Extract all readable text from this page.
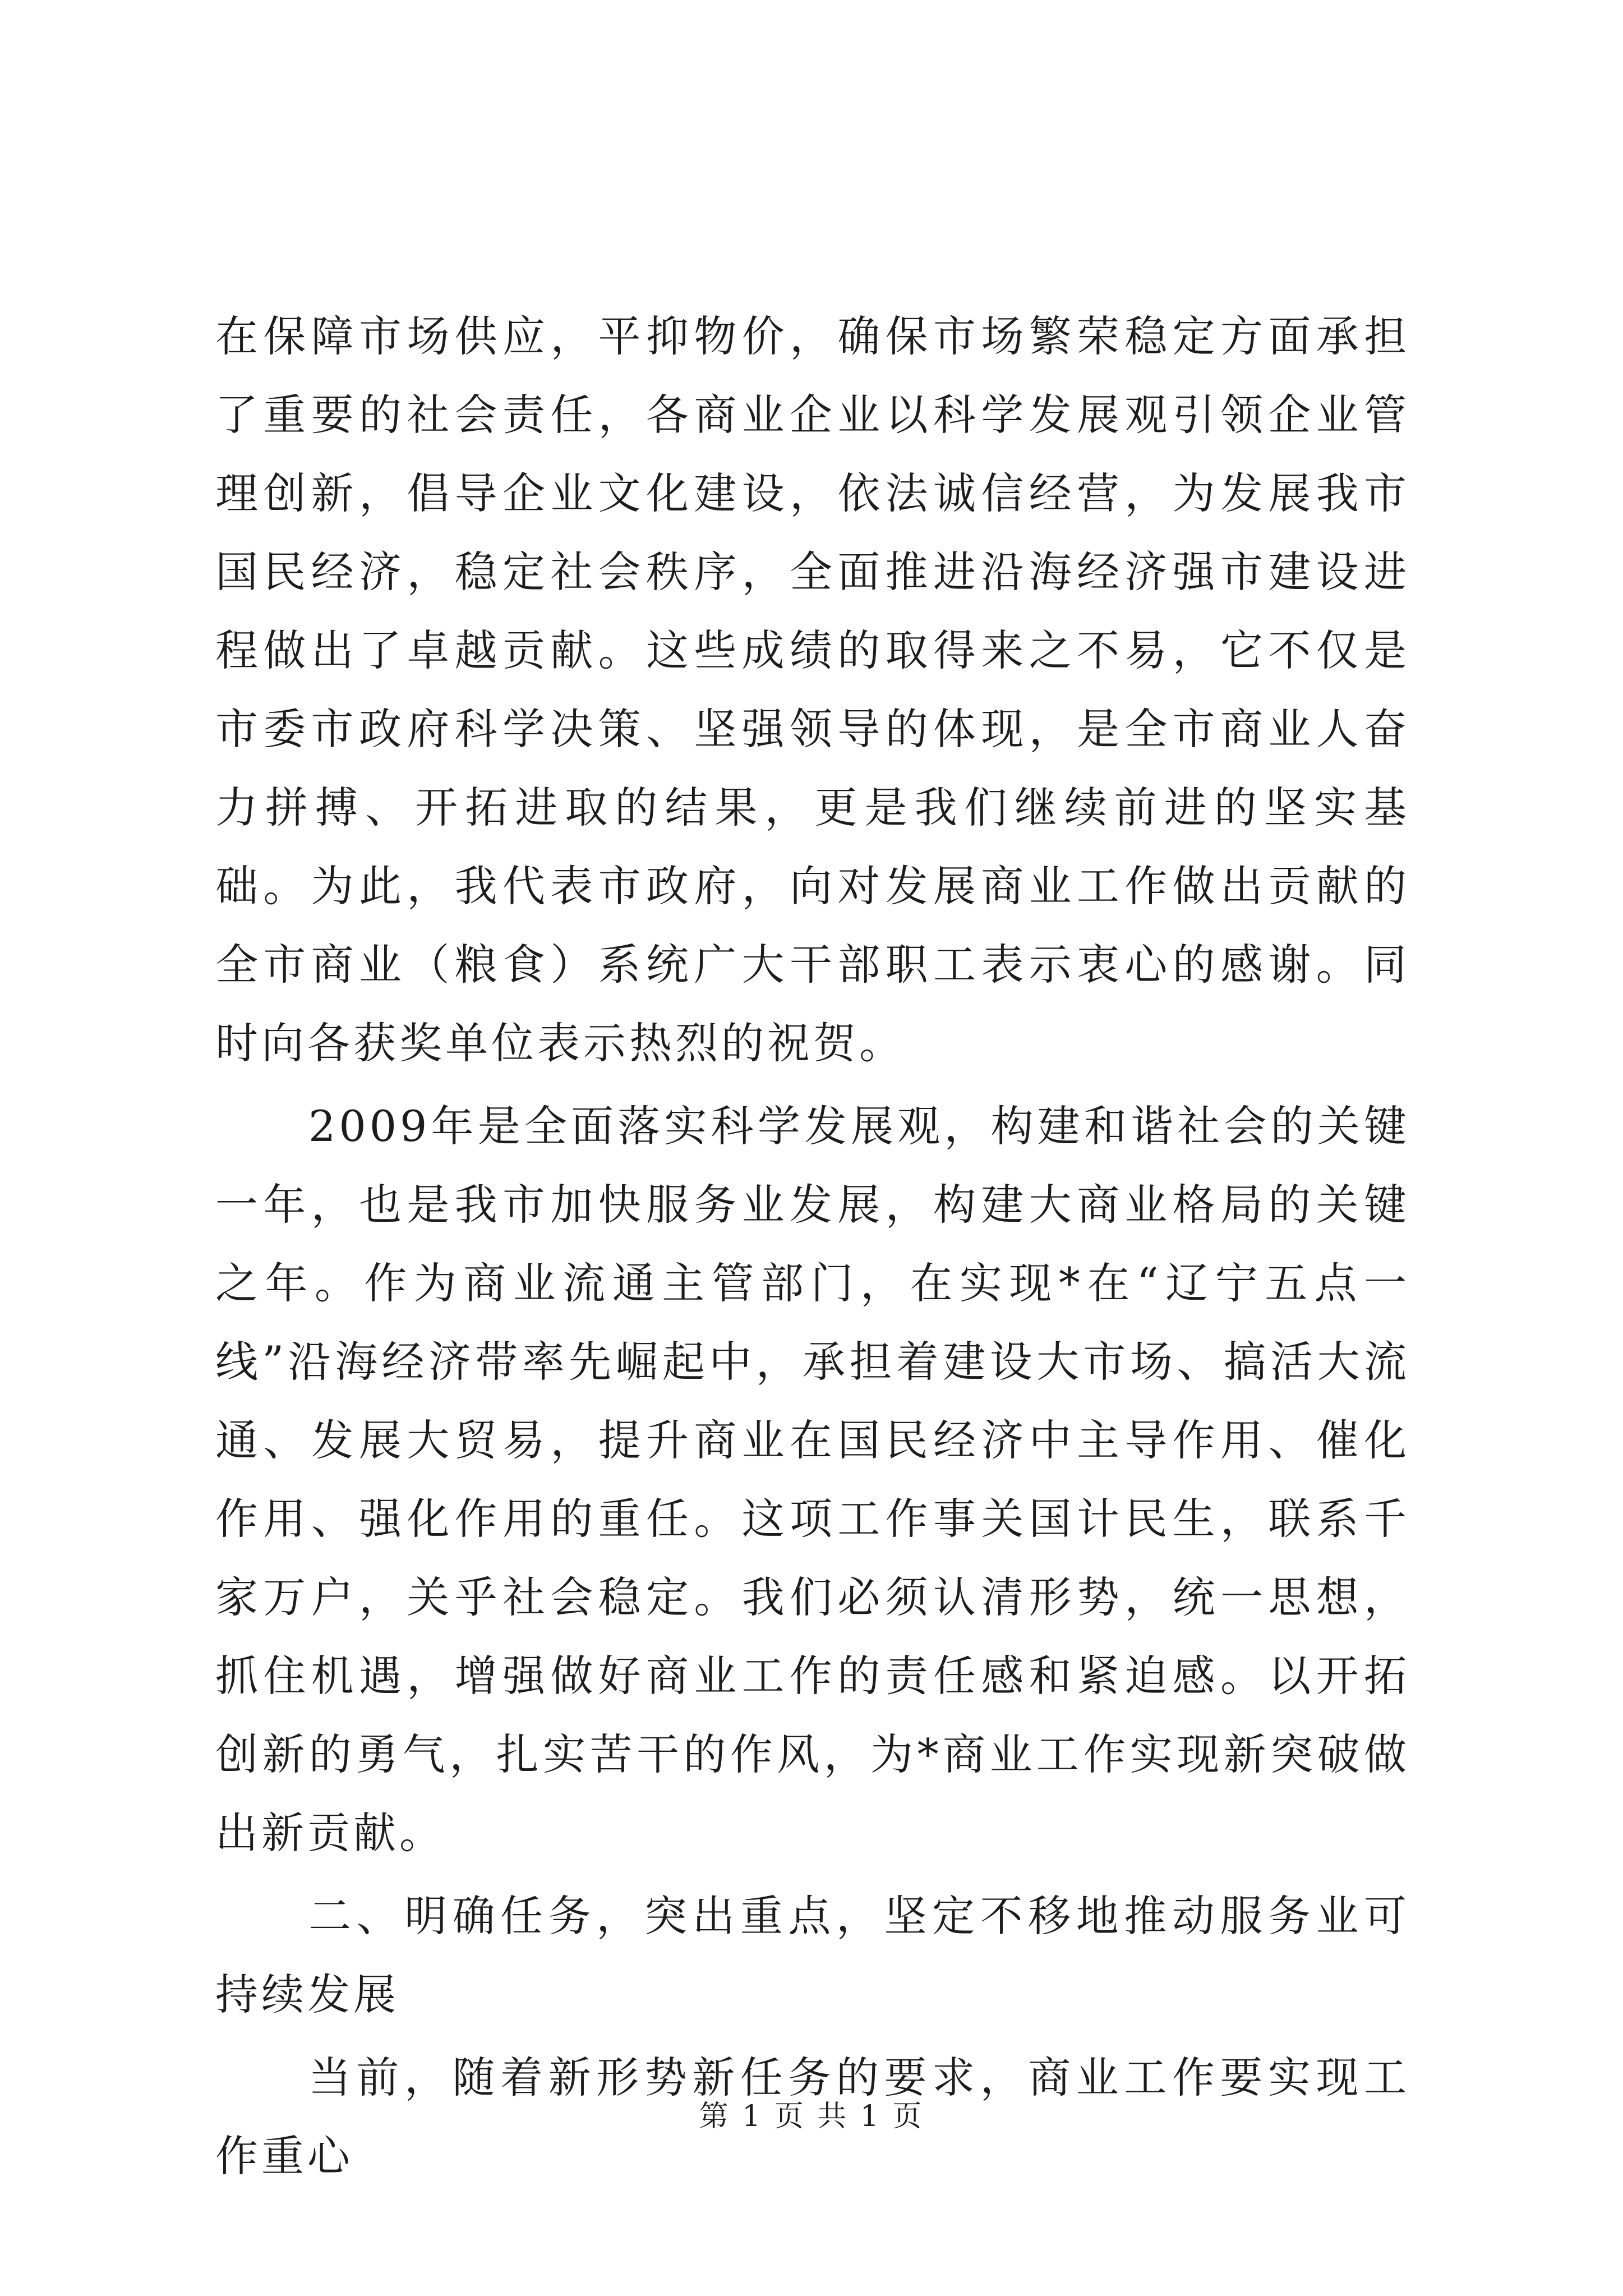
在保障市场供应，平抑物价，确保市场繁荣稳定方面承担了重要的社会责任，各商业企业以科学发展观引领企业管理创新，倡导企业文化建设，依法诚信经营，为发展我市国民经济，稳定社会秩序，全面推进沿海经济强市建设进程做出了卓越贡献。这些成绩的取得来之不易，它不仅是市委市政府科学决策、坚强领导的体现，是全市商业人奋力拼搏、开拓进取的结果，更是我们继续前进的坚实基础。为此，我代表市政府，向对发展商业工作做出贡献的全市商业（粮食）系统广大干部职工表示衷心的感谢。同时向各获奖单位表示热烈的祝贺。

2009年是全面落实科学发展观，构建和谐社会的关键一年，也是我市加快服务业发展，构建大商业格局的关键之年。作为商业流通主管部门，在实现*在“辽宁五点一线”沿海经济带率先崛起中，承担着建设大市场、搞活大流通、发展大贸易，提升商业在国民经济中主导作用、催化作用、强化作用的重任。这项工作事关国计民生，联系千家万户，关乎社会稳定。我们必须认清形势，统一思想，抓住机遇，增强做好商业工作的责任感和紧迫感。以开拓创新的勇气，扎实苦干的作风，为*商业工作实现新突破做出新贡献。

二、明确任务，突出重点，坚定不移地推动服务业可持续发展

当前，随着新形势新任务的要求，商业工作要实现工作重心

第 1 页 共 1 页
